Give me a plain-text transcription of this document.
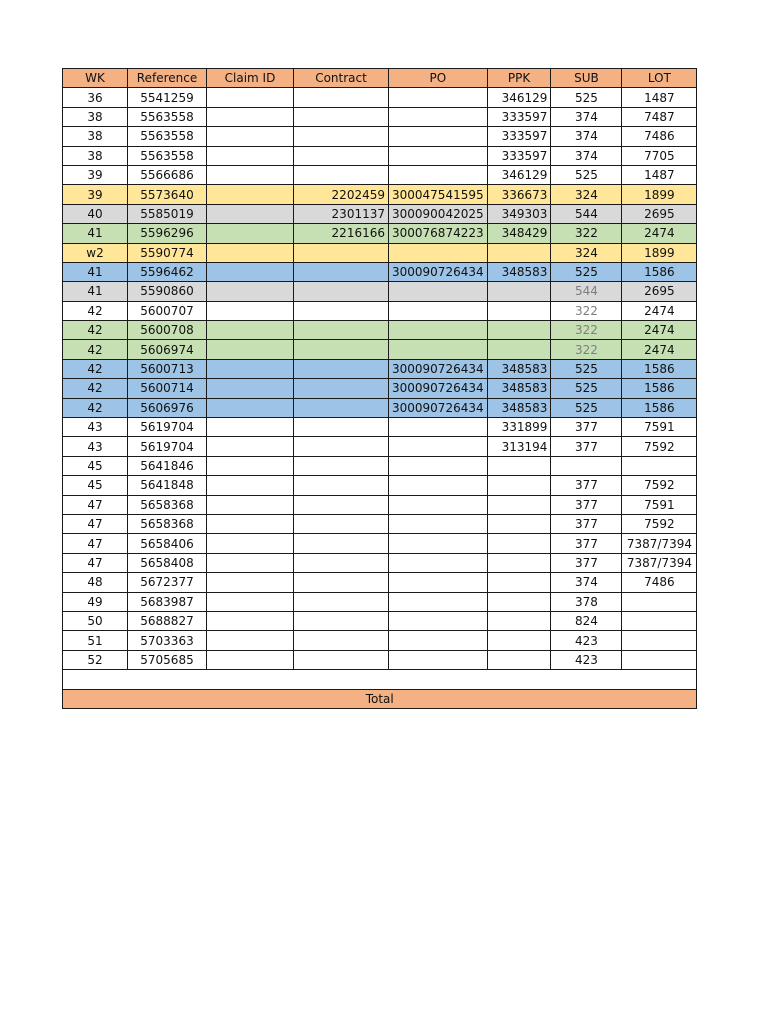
WK	Reference	Claim ID	Contract	PO	PPK	SUB	LOT
36	5541259				346129	525	1487
38	5563558				333597	374	7487
38	5563558				333597	374	7486
38	5563558				333597	374	7705
39	5566686				346129	525	1487
39	5573640		2202459	300047541595	336673	324	1899
40	5585019		2301137	300090042025	349303	544	2695
41	5596296		2216166	300076874223	348429	322	2474
w2	5590774					324	1899
41	5596462			300090726434	348583	525	1586
41	5590860					544	2695
42	5600707					322	2474
42	5600708					322	2474
42	5606974					322	2474
42	5600713			300090726434	348583	525	1586
42	5600714			300090726434	348583	525	1586
42	5606976			300090726434	348583	525	1586
43	5619704				331899	377	7591
43	5619704				313194	377	7592
45	5641846						
45	5641848					377	7592
47	5658368					377	7591
47	5658368					377	7592
47	5658406					377	7387/7394
47	5658408					377	7387/7394
48	5672377					374	7486
49	5683987					378	
50	5688827					824	
51	5703363					423	
52	5705685					423	

Total							
